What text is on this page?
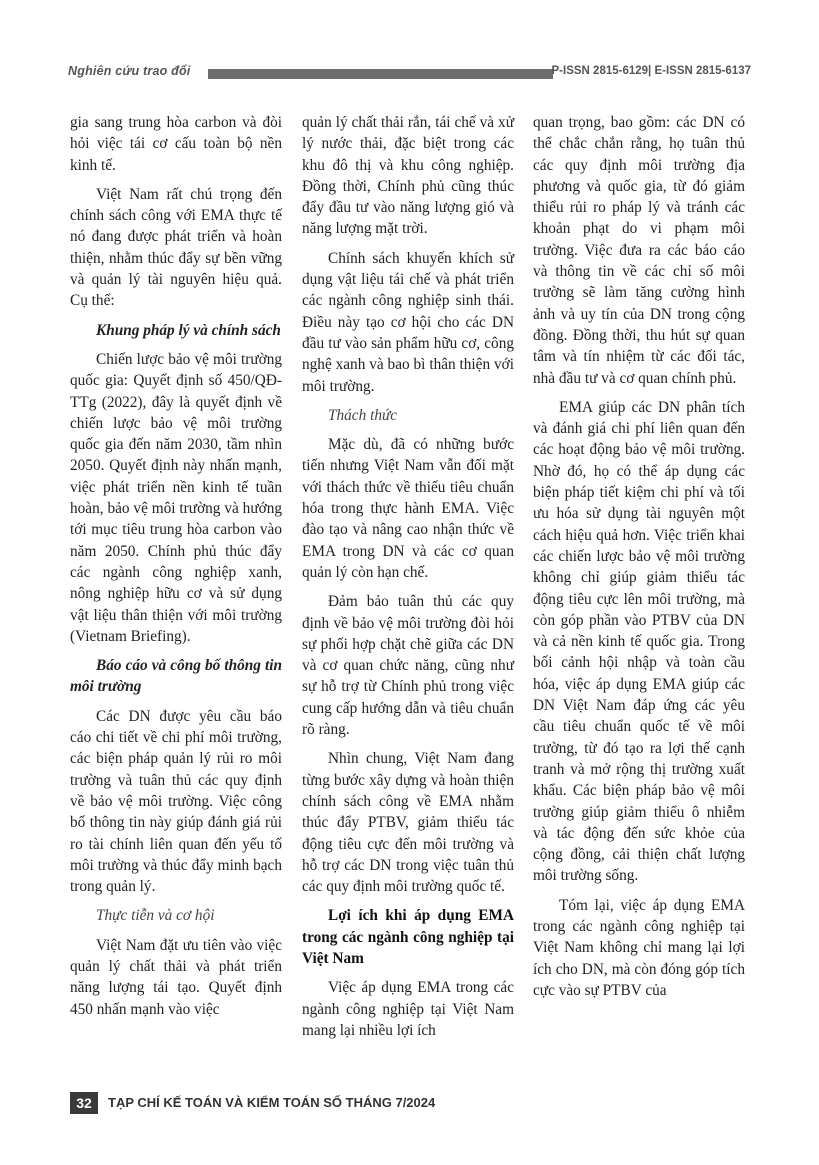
Nghiên cứu trao đổi	P-ISSN 2815-6129| E-ISSN 2815-6137

gia sang trung hòa carbon và đòi hỏi việc tái cơ cấu toàn bộ nền kinh tế.

Việt Nam rất chú trọng đến chính sách công với EMA thực tế nó đang được phát triển và hoàn thiện, nhằm thúc đẩy sự bền vững và quản lý tài nguyên hiệu quả. Cụ thể:

Khung pháp lý và chính sách

Chiến lược bảo vệ môi trường quốc gia: Quyết định số 450/QĐ-TTg (2022), đây là quyết định về chiến lược bảo vệ môi trường quốc gia đến năm 2030, tầm nhìn 2050. Quyết định này nhấn mạnh, việc phát triển nền kinh tế tuần hoàn, bảo vệ môi trường và hướng tới mục tiêu trung hòa carbon vào năm 2050. Chính phủ thúc đẩy các ngành công nghiệp xanh, nông nghiệp hữu cơ và sử dụng vật liệu thân thiện với môi trường (Vietnam Briefing).

Báo cáo và công bố thông tin môi trường

Các DN được yêu cầu báo cáo chi tiết về chi phí môi trường, các biện pháp quản lý rủi ro môi trường và tuân thủ các quy định về bảo vệ môi trường. Việc công bố thông tin này giúp đánh giá rủi ro tài chính liên quan đến yếu tố môi trường và thúc đẩy minh bạch trong quản lý.

Thực tiễn và cơ hội

Việt Nam đặt ưu tiên vào việc quản lý chất thải và phát triển năng lượng tái tạo. Quyết định 450 nhấn mạnh vào việc

quản lý chất thải rắn, tái chế và xử lý nước thải, đặc biệt trong các khu đô thị và khu công nghiệp. Đồng thời, Chính phủ cũng thúc đẩy đầu tư vào năng lượng gió và năng lượng mặt trời.

Chính sách khuyến khích sử dụng vật liệu tái chế và phát triển các ngành công nghiệp sinh thái. Điều này tạo cơ hội cho các DN đầu tư vào sản phẩm hữu cơ, công nghệ xanh và bao bì thân thiện với môi trường.

Thách thức

Mặc dù, đã có những bước tiến nhưng Việt Nam vẫn đối mặt với thách thức về thiếu tiêu chuẩn hóa trong thực hành EMA. Việc đào tạo và nâng cao nhận thức về EMA trong DN và các cơ quan quản lý còn hạn chế.

Đảm bảo tuân thủ các quy định về bảo vệ môi trường đòi hỏi sự phối hợp chặt chẽ giữa các DN và cơ quan chức năng, cũng như sự hỗ trợ từ Chính phủ trong việc cung cấp hướng dẫn và tiêu chuẩn rõ ràng.

Nhìn chung, Việt Nam đang từng bước xây dựng và hoàn thiện chính sách công về EMA nhằm thúc đẩy PTBV, giảm thiểu tác động tiêu cực đến môi trường và hỗ trợ các DN trong việc tuân thủ các quy định môi trường quốc tế.

Lợi ích khi áp dụng EMA trong các ngành công nghiệp tại Việt Nam

Việc áp dụng EMA trong các ngành công nghiệp tại Việt Nam mang lại nhiều lợi ích

quan trọng, bao gồm: các DN có thể chắc chắn rằng, họ tuân thủ các quy định môi trường địa phương và quốc gia, từ đó giảm thiểu rủi ro pháp lý và tránh các khoản phạt do vi phạm môi trường. Việc đưa ra các báo cáo và thông tin về các chỉ số môi trường sẽ làm tăng cường hình ảnh và uy tín của DN trong cộng đồng. Đồng thời, thu hút sự quan tâm và tín nhiệm từ các đối tác, nhà đầu tư và cơ quan chính phủ.

EMA giúp các DN phân tích và đánh giá chi phí liên quan đến các hoạt động bảo vệ môi trường. Nhờ đó, họ có thể áp dụng các biện pháp tiết kiệm chi phí và tối ưu hóa sử dụng tài nguyên một cách hiệu quả hơn. Việc triển khai các chiến lược bảo vệ môi trường không chỉ giúp giảm thiểu tác động tiêu cực lên môi trường, mà còn góp phần vào PTBV của DN và cả nền kinh tế quốc gia. Trong bối cảnh hội nhập và toàn cầu hóa, việc áp dụng EMA giúp các DN Việt Nam đáp ứng các yêu cầu tiêu chuẩn quốc tế về môi trường, từ đó tạo ra lợi thế cạnh tranh và mở rộng thị trường xuất khẩu. Các biện pháp bảo vệ môi trường giúp giảm thiểu ô nhiễm và tác động đến sức khỏe của cộng đồng, cải thiện chất lượng môi trường sống.

Tóm lại, việc áp dụng EMA trong các ngành công nghiệp tại Việt Nam không chỉ mang lại lợi ích cho DN, mà còn đóng góp tích cực vào sự PTBV của

32	TẠP CHÍ KẾ TOÁN VÀ KIỂM TOÁN SỐ THÁNG 7/2024
